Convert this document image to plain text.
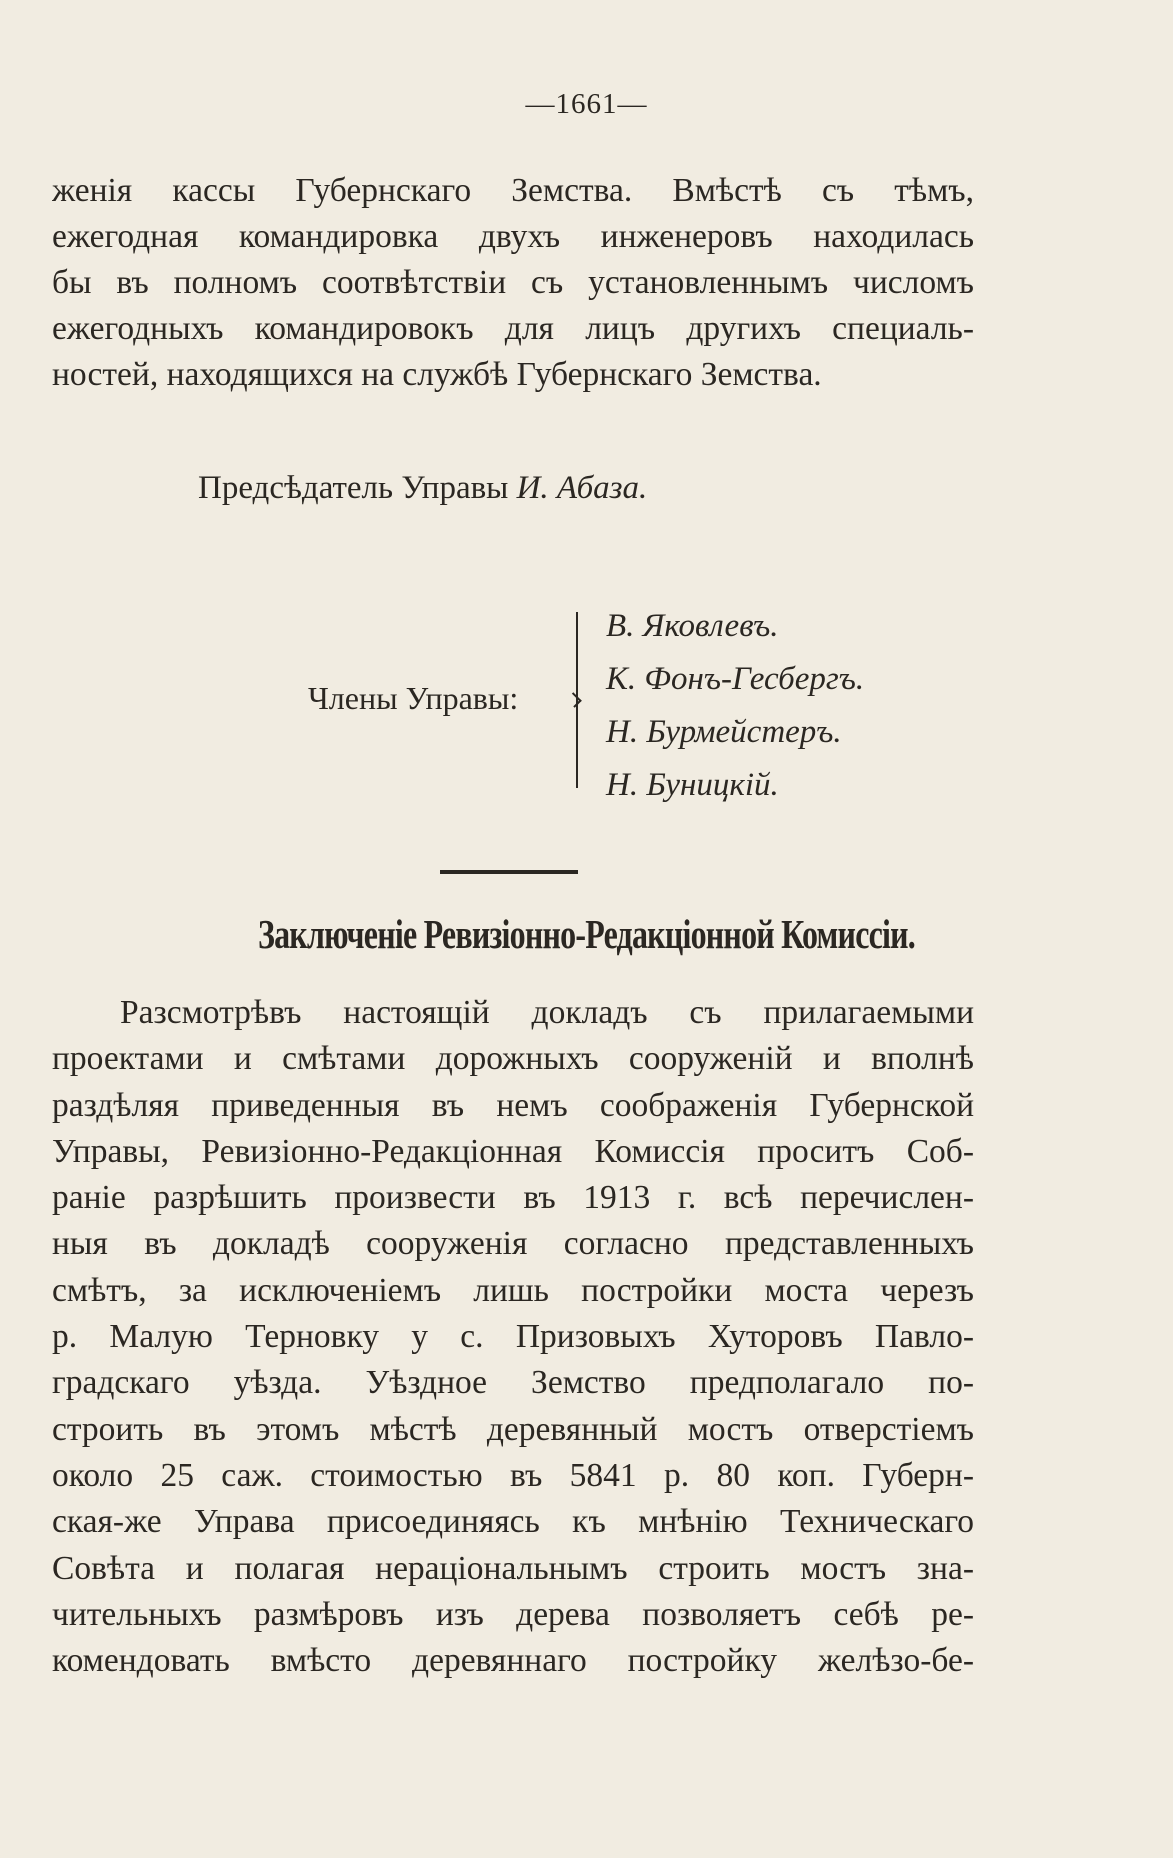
—1661—
женія кассы Губернскаго Земства. Вмѣстѣ съ тѣмъ,
ежегодная командировка двухъ инженеровъ находилась
бы въ полномъ соотвѣтствіи съ установленнымъ числомъ
ежегодныхъ командировокъ для лицъ другихъ специаль-
ностей, находящихся на службѣ Губернскаго Земства.
Предсѣдатель Управы И. Абаза.
Члены Управы:
В. Яковлевъ.
К. Фонъ-Гесбергъ.
Н. Бурмейстеръ.
Н. Буницкій.
Заключеніе Ревизіонно-Редакціонной Комиссіи.
Разсмотрѣвъ настоящій докладъ съ прилагаемыми
проектами и смѣтами дорожныхъ сооруженій и вполнѣ
раздѣляя приведенныя въ немъ соображенія Губернской
Управы, Ревизіонно-Редакціонная Комиссія проситъ Соб-
раніе разрѣшить произвести въ 1913 г. всѣ перечислен-
ныя въ докладѣ сооруженія согласно представленныхъ
смѣтъ, за исключеніемъ лишь постройки моста черезъ
р. Малую Терновку у с. Призовыхъ Хуторовъ Павло-
градскаго уѣзда. Уѣздное Земство предполагало по-
строить въ этомъ мѣстѣ деревянный мостъ отверстіемъ
около 25 саж. стоимостью въ 5841 р. 80 коп. Губерн-
ская-же Управа присоединяясь къ мнѣнію Техническаго
Совѣта и полагая нераціональнымъ строить мостъ зна-
чительныхъ размѣровъ изъ дерева позволяетъ себѣ ре-
комендовать вмѣсто деревяннаго постройку желѣзо-бе-
